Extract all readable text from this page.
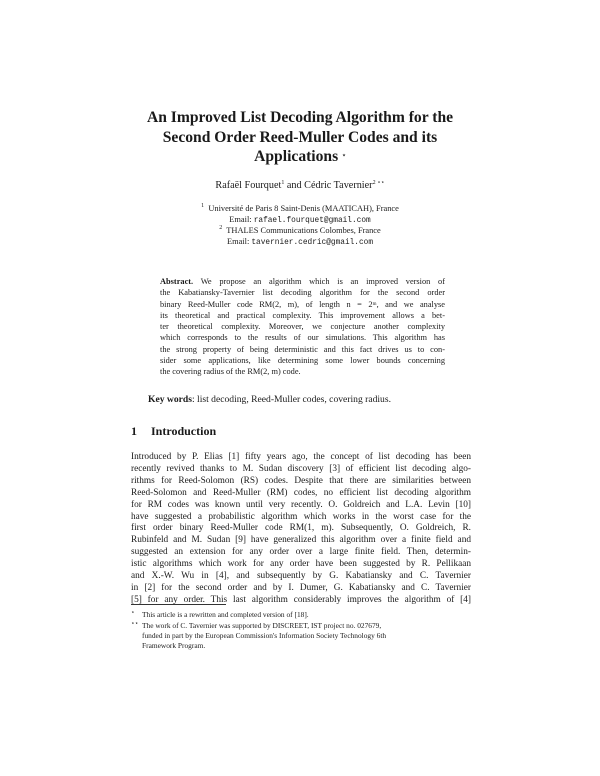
An Improved List Decoding Algorithm for the
Second Order Reed-Muller Codes and its
Applications ⋆
Rafaël Fourquet$^1$ and Cédric Tavernier$^{2 ⋆⋆}$
$^1$ Université de Paris 8 Saint-Denis (MAATICAH), France
Email: rafael.fourquet@gmail.com
$^2$ THALES Communications Colombes, France
Email: tavernier.cedric@gmail.com
Abstract. We propose an algorithm which is an improved version of
the Kabatiansky-Tavernier list decoding algorithm for the second order
binary Reed-Muller code RM(2, m), of length n = 2ᵐ, and we analyse
its theoretical and practical complexity. This improvement allows a bet-
ter theoretical complexity. Moreover, we conjecture another complexity
which corresponds to the results of our simulations. This algorithm has
the strong property of being deterministic and this fact drives us to con-
sider some applications, like determining some lower bounds concerning
the covering radius of the RM(2, m) code.
Key words: list decoding, Reed-Muller codes, covering radius.
1 Introduction
Introduced by P. Elias [1] fifty years ago, the concept of list decoding has been
recently revived thanks to M. Sudan discovery [3] of efficient list decoding algo-
rithms for Reed-Solomon (RS) codes. Despite that there are similarities between
Reed-Solomon and Reed-Muller (RM) codes, no efficient list decoding algorithm
for RM codes was known until very recently. O. Goldreich and L.A. Levin [10]
have suggested a probabilistic algorithm which works in the worst case for the
first order binary Reed-Muller code RM(1, m). Subsequently, O. Goldreich, R.
Rubinfeld and M. Sudan [9] have generalized this algorithm over a finite field and
suggested an extension for any order over a large finite field. Then, determin-
istic algorithms which work for any order have been suggested by R. Pellikaan
and X.-W. Wu in [4], and subsequently by G. Kabatiansky and C. Tavernier
in [2] for the second order and by I. Dumer, G. Kabatiansky and C. Tavernier
[5] for any order. This last algorithm considerably improves the algorithm of [4]
⋆ This article is a rewritten and completed version of [18].
⋆⋆ The work of C. Tavernier was supported by DISCREET, IST project no. 027679,
funded in part by the European Commission's Information Society Technology 6th
Framework Program.
